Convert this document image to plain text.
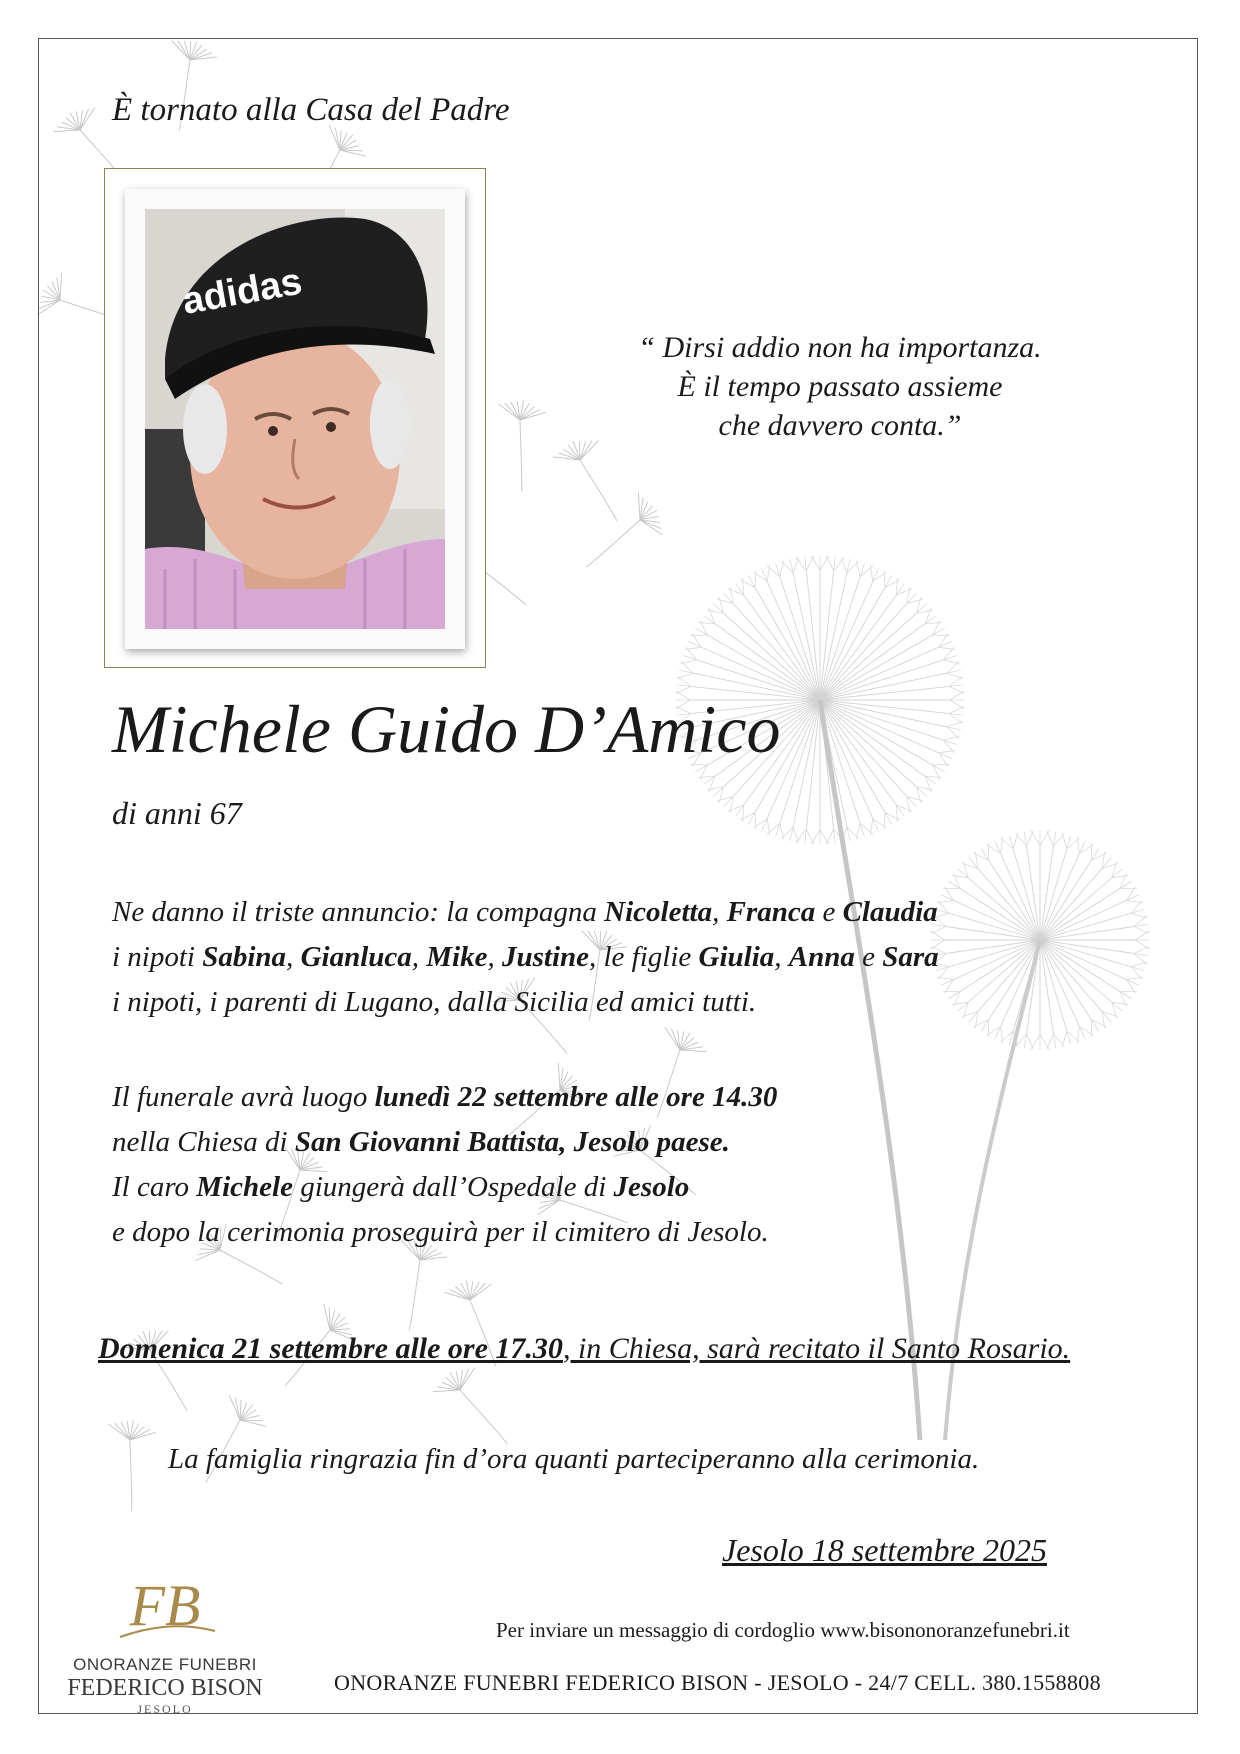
È tornato alla Casa del Padre
adidas
“ Dirsi addio non ha importanza.
È il tempo passato assieme
che davvero conta.”
Michele Guido D’Amico
di anni 67
Ne danno il triste annuncio: la compagna Nicoletta, Franca e Claudia
i nipoti Sabina, Gianluca, Mike, Justine, le figlie Giulia, Anna e Sara
i nipoti, i parenti di Lugano, dalla Sicilia ed amici tutti.
Il funerale avrà luogo lunedì 22 settembre alle ore 14.30
nella Chiesa di San Giovanni Battista, Jesolo paese.
Il caro Michele giungerà dall’Ospedale di Jesolo
e dopo la cerimonia proseguirà per il cimitero di Jesolo.
Domenica 21 settembre alle ore 17.30, in Chiesa, sarà recitato il Santo Rosario.
La famiglia ringrazia fin d’ora quanti parteciperanno alla cerimonia.
Jesolo 18 settembre 2025
FB
ONORANZE FUNEBRI
FEDERICO BISON
JESOLO
Per inviare un messaggio di cordoglio www.bisononoranzefunebri.it
ONORANZE FUNEBRI FEDERICO BISON - JESOLO - 24/7 CELL. 380.1558808
